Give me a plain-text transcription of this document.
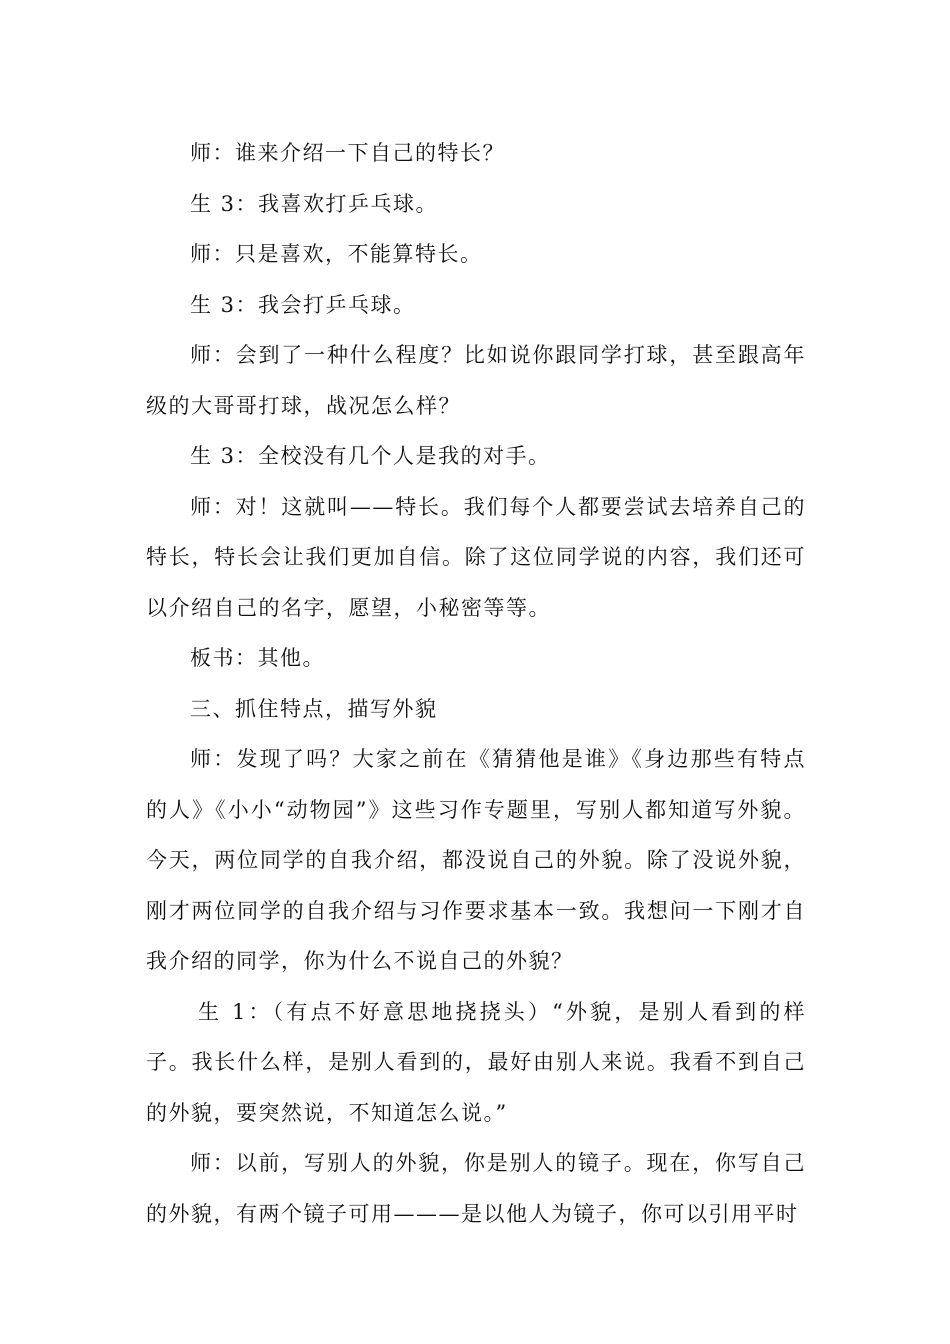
师：谁来介绍一下自己的特长？

生 3：我喜欢打乒乓球。

师：只是喜欢，不能算特长。

生 3：我会打乒乓球。

师：会到了一种什么程度？比如说你跟同学打球，甚至跟高年级的大哥哥打球，战况怎么样？

生 3：全校没有几个人是我的对手。

师：对！这就叫——特长。我们每个人都要尝试去培养自己的特长，特长会让我们更加自信。除了这位同学说的内容，我们还可以介绍自己的名字，愿望，小秘密等等。

板书：其他。

三、抓住特点，描写外貌

师：发现了吗？大家之前在《猜猜他是谁》《身边那些有特点的人》《小小“动物园”》这些习作专题里，写别人都知道写外貌。今天，两位同学的自我介绍，都没说自己的外貌。除了没说外貌，刚才两位同学的自我介绍与习作要求基本一致。我想问一下刚才自我介绍的同学，你为什么不说自己的外貌？

生 1：（有点不好意思地挠挠头）“外貌，是别人看到的样子。我长什么样，是别人看到的，最好由别人来说。我看不到自己的外貌，要突然说，不知道怎么说。”

师：以前，写别人的外貌，你是别人的镜子。现在，你写自己的外貌，有两个镜子可用———是以他人为镜子，你可以引用平时
